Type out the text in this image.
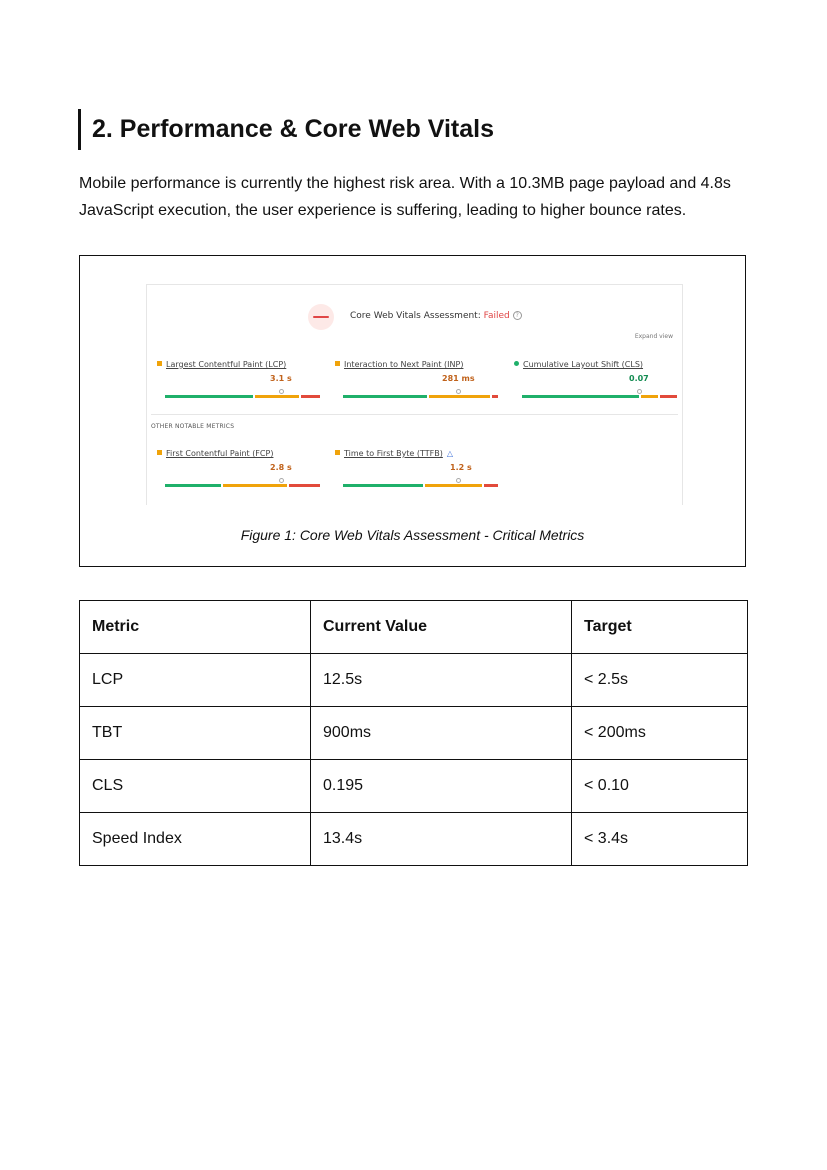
2. Performance & Core Web Vitals

Mobile performance is currently the highest risk area. With a 10.3MB page payload and 4.8s JavaScript execution, the user experience is suffering, leading to higher bounce rates.

Core Web Vitals Assessment: Failed ?
Expand view
Largest Contentful Paint (LCP)
3.1 s
Interaction to Next Paint (INP)
281 ms
Cumulative Layout Shift (CLS)
0.07
OTHER NOTABLE METRICS
First Contentful Paint (FCP)
2.8 s
Time to First Byte (TTFB) △
1.2 s
Figure 1: Core Web Vitals Assessment - Critical Metrics
Metric	Current Value	Target
LCP	12.5s	< 2.5s
TBT	900ms	< 200ms
CLS	0.195	< 0.10
Speed Index	13.4s	< 3.4s
